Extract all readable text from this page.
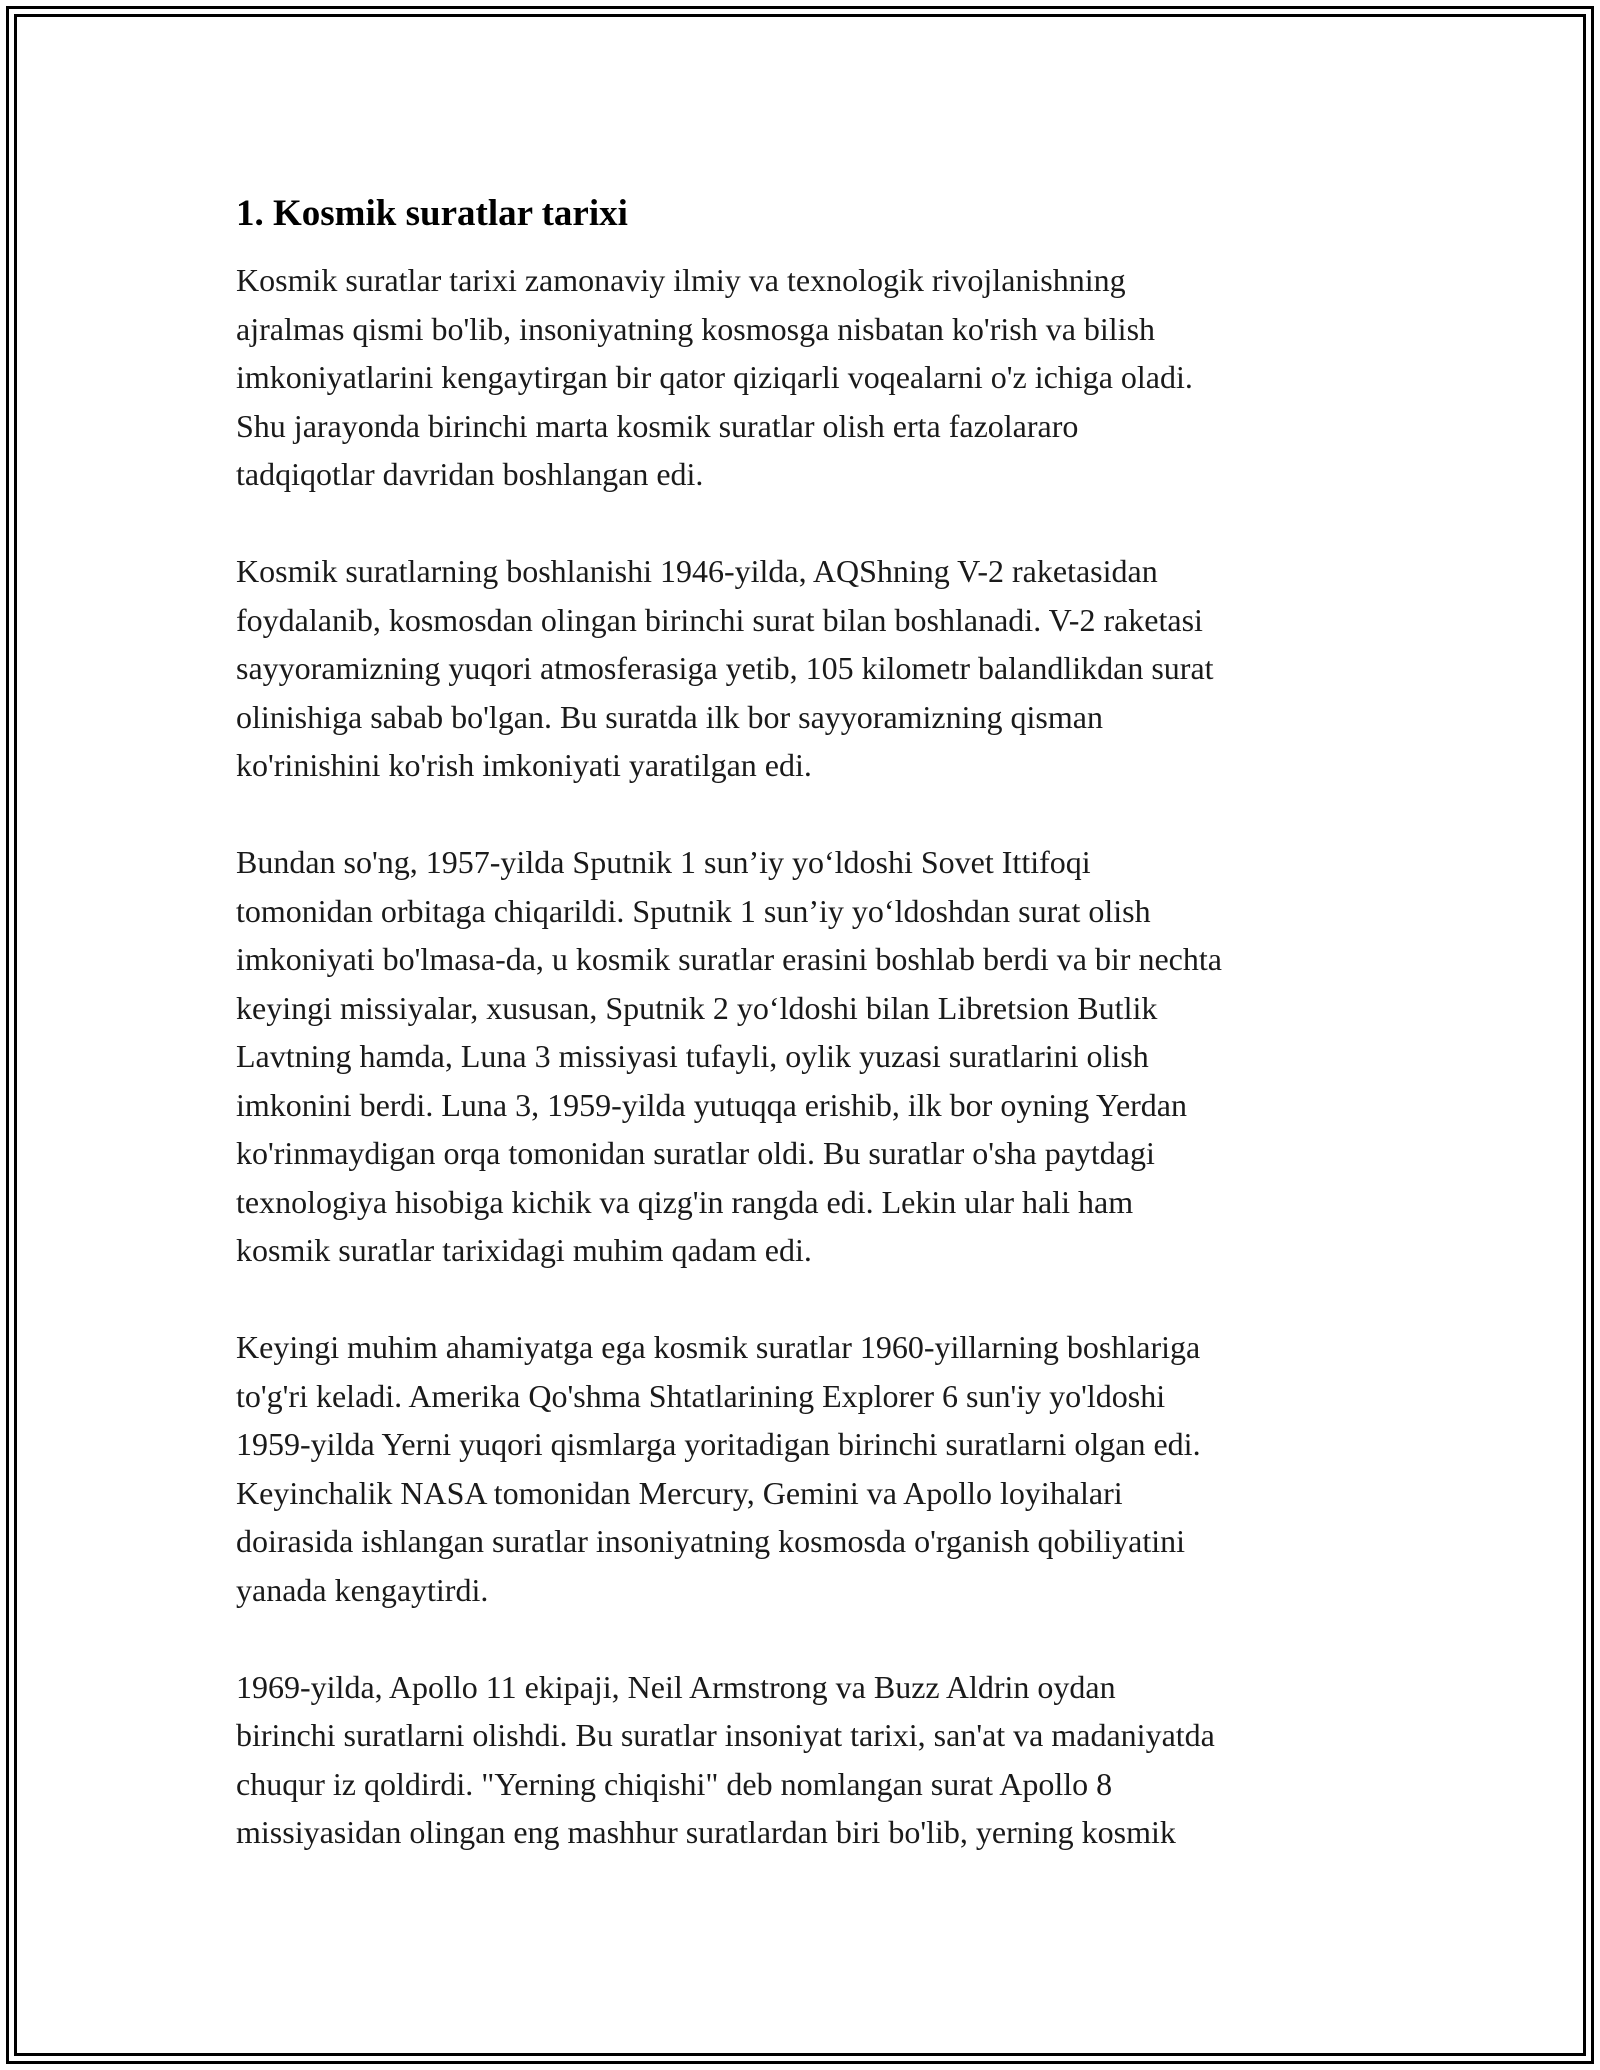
1. Kosmik suratlar tarixi

Kosmik suratlar tarixi zamonaviy ilmiy va texnologik rivojlanishning
ajralmas qismi bo'lib, insoniyatning kosmosga nisbatan ko'rish va bilish
imkoniyatlarini kengaytirgan bir qator qiziqarli voqealarni o'z ichiga oladi.
Shu jarayonda birinchi marta kosmik suratlar olish erta fazolararo
tadqiqotlar davridan boshlangan edi.

Kosmik suratlarning boshlanishi 1946-yilda, AQShning V-2 raketasidan
foydalanib, kosmosdan olingan birinchi surat bilan boshlanadi. V-2 raketasi
sayyoramizning yuqori atmosferasiga yetib, 105 kilometr balandlikdan surat
olinishiga sabab bo'lgan. Bu suratda ilk bor sayyoramizning qisman
ko'rinishini ko'rish imkoniyati yaratilgan edi.

Bundan so'ng, 1957-yilda Sputnik 1 sun’iy yo‘ldoshi Sovet Ittifoqi
tomonidan orbitaga chiqarildi. Sputnik 1 sun’iy yo‘ldoshdan surat olish
imkoniyati bo'lmasa-da, u kosmik suratlar erasini boshlab berdi va bir nechta
keyingi missiyalar, xususan, Sputnik 2 yo‘ldoshi bilan Libretsion Butlik
Lavtning hamda, Luna 3 missiyasi tufayli, oylik yuzasi suratlarini olish
imkonini berdi. Luna 3, 1959-yilda yutuqqa erishib, ilk bor oyning Yerdan
ko'rinmaydigan orqa tomonidan suratlar oldi. Bu suratlar o'sha paytdagi
texnologiya hisobiga kichik va qizg'in rangda edi. Lekin ular hali ham
kosmik suratlar tarixidagi muhim qadam edi.

Keyingi muhim ahamiyatga ega kosmik suratlar 1960-yillarning boshlariga
to'g'ri keladi. Amerika Qo'shma Shtatlarining Explorer 6 sun'iy yo'ldoshi
1959-yilda Yerni yuqori qismlarga yoritadigan birinchi suratlarni olgan edi.
Keyinchalik NASA tomonidan Mercury, Gemini va Apollo loyihalari
doirasida ishlangan suratlar insoniyatning kosmosda o'rganish qobiliyatini
yanada kengaytirdi.

1969-yilda, Apollo 11 ekipaji, Neil Armstrong va Buzz Aldrin oydan
birinchi suratlarni olishdi. Bu suratlar insoniyat tarixi, san'at va madaniyatda
chuqur iz qoldirdi. "Yerning chiqishi" deb nomlangan surat Apollo 8
missiyasidan olingan eng mashhur suratlardan biri bo'lib, yerning kosmik
